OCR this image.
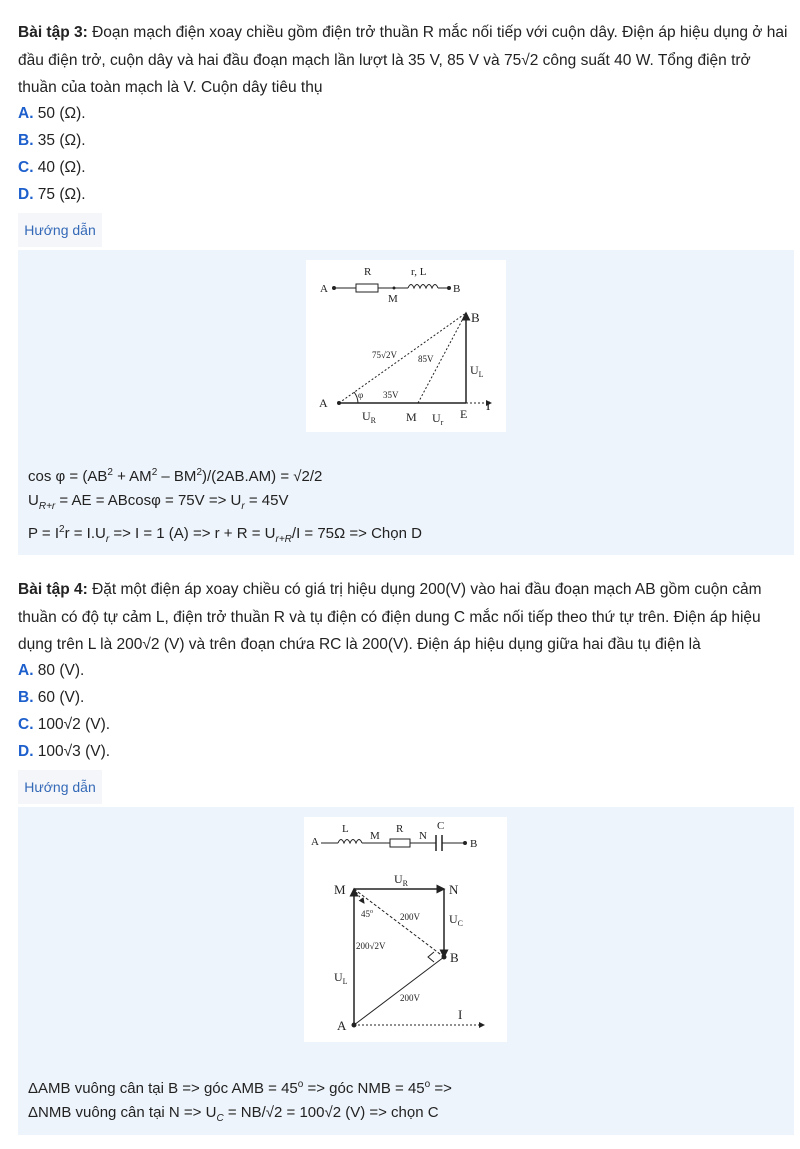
Bài tập 3: Đoạn mạch điện xoay chiều gồm điện trở thuần R mắc nối tiếp với cuộn dây. Điện áp hiệu dụng ở hai đầu điện trở, cuộn dây và hai đầu đoạn mạch lần lượt là 35 V, 85 V và 75√2 công suất 40 W. Tổng điện trở thuần của toàn mạch là V. Cuộn dây tiêu thụ
A. 50 (Ω).
B. 35 (Ω).
C. 40 (Ω).
D. 75 (Ω).
Hướng dẫn
A
R
M
r, L
B
A
B
E
M
75√2V 85V
35V
φ
$U_L$
$U_R$	$U_r$
I
$\cos \varphi = (AB^2 + AM^2 - BM^2)/(2AB.AM) = √2/2$
$U_{R+r}$ = AE = $ABcos\varphi = 75V => U_r = 45V$
$P = I^2r = I.U_r => I = 1$ $(A) => r + R = U_{r+R}/I = 75\Omega$ => Chọn D
Bài tập 4: Đặt một điện áp xoay chiều có giá trị hiệu dụng 200(V) vào hai đầu đoạn mạch AB gồm cuộn cảm thuần có độ tự cảm L, điện trở thuần R và tụ điện có điện dung C mắc nối tiếp theo thứ tự trên. Điện áp hiệu dụng trên L là 200√2 (V) và trên đoạn chứa RC là 200(V). Điện áp hiệu dụng giữa hai đầu tụ điện là
A. 80 (V).
B. 60 (V).
C. 100√2 (V).
D. 100√3 (V).
Hướng dẫn
A
L
M
R
N
C
B
M	N
B
A
$U_R$
$U_C$
$U_L$
45$^o$	200V
200√2V
200V
I
ΔAMB vuông cân tại B => góc AMB = $45^o$ => góc NMB = $45^o$ =>
ΔNMB vuông cân tại $N => U_C = NB/√2 = 100√2$ (V) => chọn C
